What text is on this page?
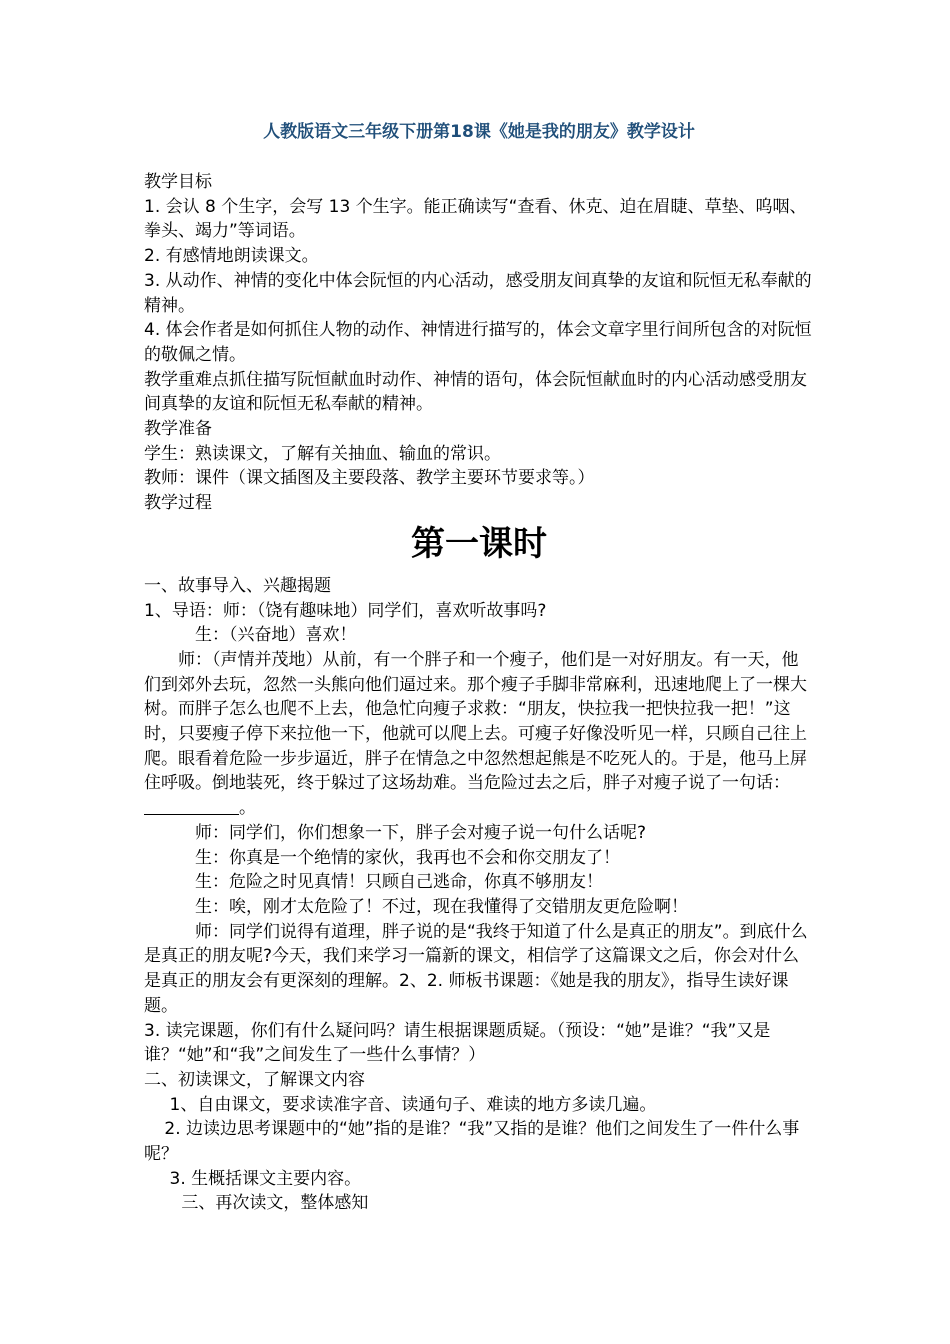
人教版语文三年级下册第18课《她是我的朋友》教学设计

教学目标

1. 会认 8 个生字，会写 13 个生字。能正确读写“查看、休克、迫在眉睫、草垫、呜咽、拳头、竭力”等词语。

2. 有感情地朗读课文。

3. 从动作、神情的变化中体会阮恒的内心活动，感受朋友间真挚的友谊和阮恒无私奉献的精神。

4. 体会作者是如何抓住人物的动作、神情进行描写的，体会文章字里行间所包含的对阮恒的敬佩之情。

教学重难点抓住描写阮恒献血时动作、神情的语句，体会阮恒献血时的内心活动感受朋友间真挚的友谊和阮恒无私奉献的精神。

教学准备

学生：熟读课文，了解有关抽血、输血的常识。

教师：课件（课文插图及主要段落、教学主要环节要求等。）

教学过程

第一课时

一、故事导入、兴趣揭题

1、导语：师：（饶有趣味地）同学们，喜欢听故事吗?

生：（兴奋地）喜欢！

师：（声情并茂地）从前，有一个胖子和一个瘦子，他们是一对好朋友。有一天，他们到郊外去玩，忽然一头熊向他们逼过来。那个瘦子手脚非常麻利，迅速地爬上了一棵大树。而胖子怎么也爬不上去，他急忙向瘦子求救：“朋友，快拉我一把快拉我一把！”这时，只要瘦子停下来拉他一下，他就可以爬上去。可瘦子好像没听见一样，只顾自己往上爬。眼看着危险一步步逼近，胖子在情急之中忽然想起熊是不吃死人的。于是，他马上屏住呼吸。倒地装死，终于躲过了这场劫难。当危险过去之后，胖子对瘦子说了一句话：。

师：同学们，你们想象一下，胖子会对瘦子说一句什么话呢?

生：你真是一个绝情的家伙，我再也不会和你交朋友了！

生：危险之时见真情！只顾自己逃命，你真不够朋友！

生：唉，刚才太危险了！不过，现在我懂得了交错朋友更危险啊！

师：同学们说得有道理，胖子说的是“我终于知道了什么是真正的朋友”。到底什么是真正的朋友呢?今天，我们来学习一篇新的课文，相信学了这篇课文之后，你会对什么是真正的朋友会有更深刻的理解。2、2. 师板书课题：《她是我的朋友》，指导生读好课题。

3. 读完课题，你们有什么疑问吗？请生根据课题质疑。（预设：“她”是谁？“我”又是谁？“她”和“我”之间发生了一些什么事情？）

二、初读课文，了解课文内容

1、自由课文，要求读准字音、读通句子、难读的地方多读几遍。

2. 边读边思考课题中的“她”指的是谁？“我”又指的是谁？他们之间发生了一件什么事呢？

3. 生概括课文主要内容。

三、再次读文，整体感知
